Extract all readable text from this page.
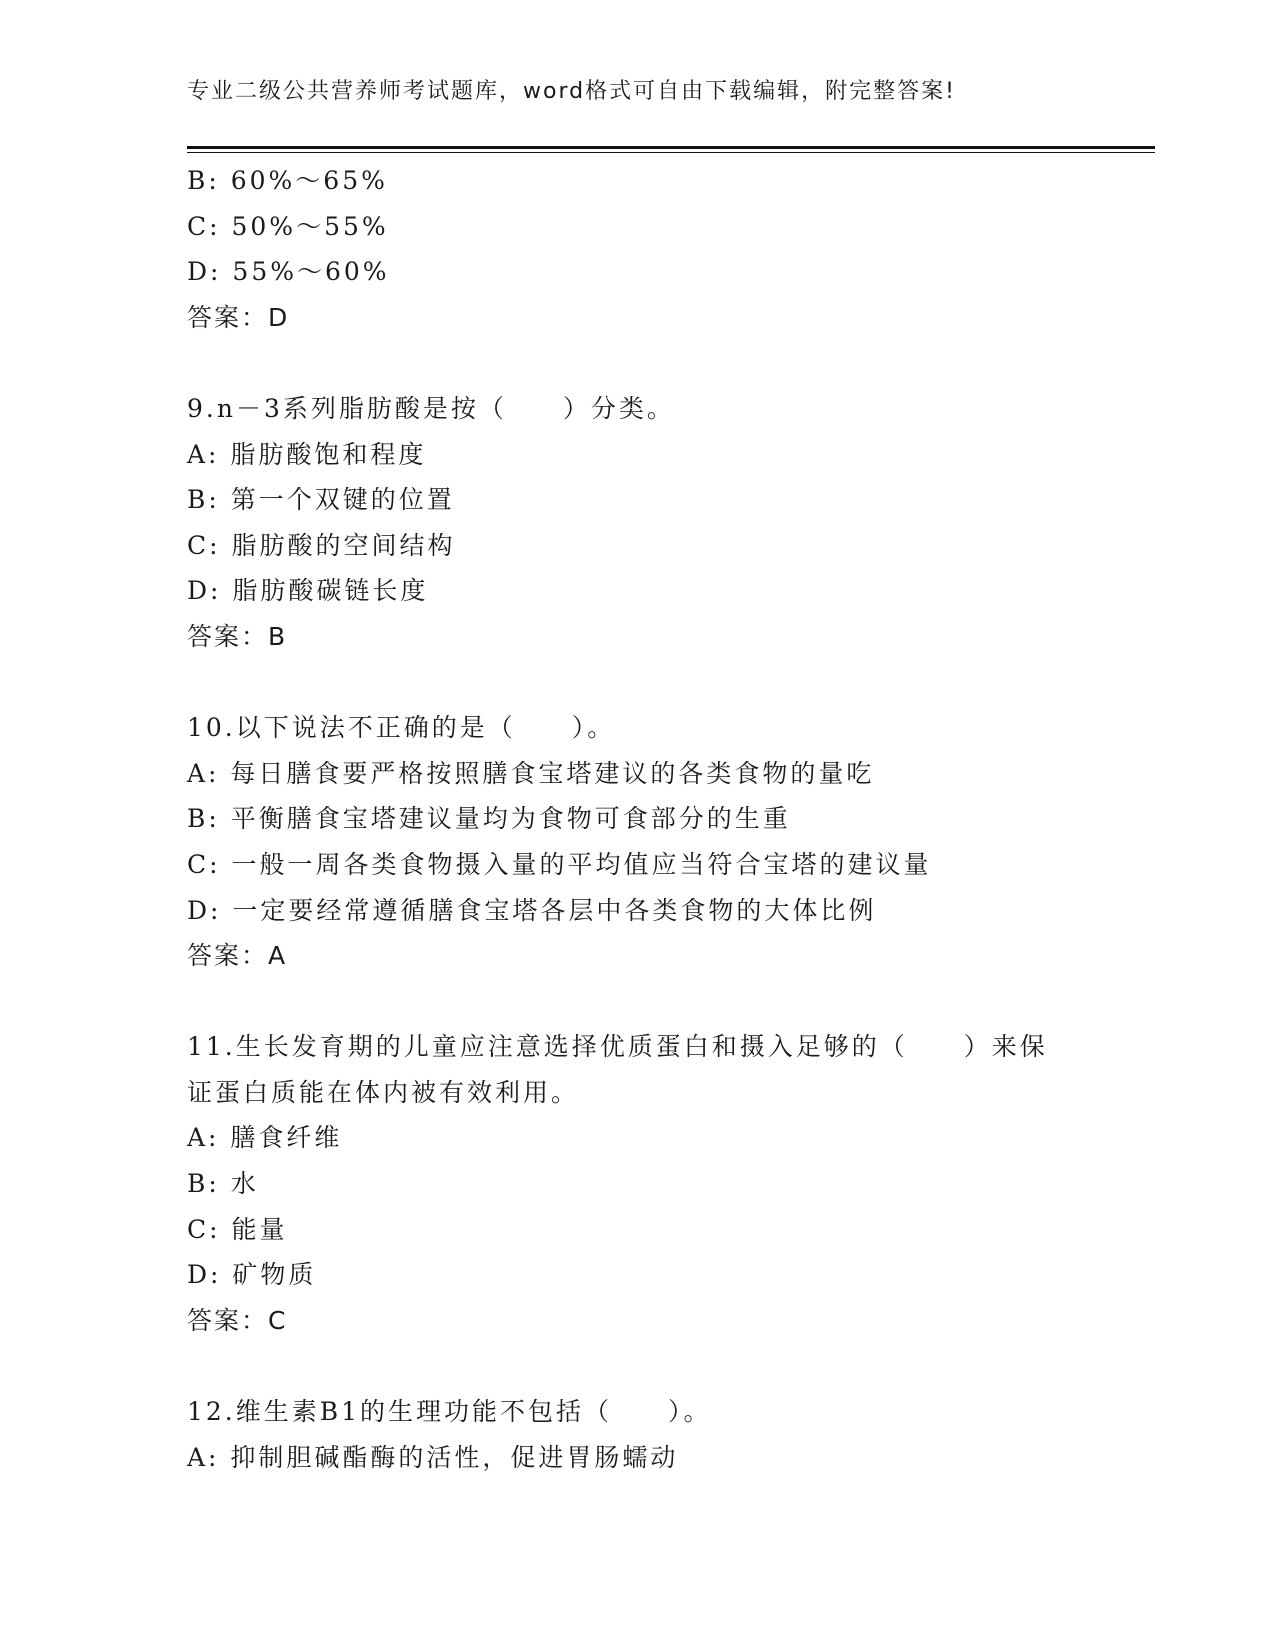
专业二级公共营养师考试题库，word格式可自由下载编辑，附完整答案!
B: 60%～65%
C: 50%～55%
D: 55%～60%
答案：D
9.n－3系列脂肪酸是按（　　）分类。
A: 脂肪酸饱和程度
B: 第一个双键的位置
C: 脂肪酸的空间结构
D: 脂肪酸碳链长度
答案：B
10.以下说法不正确的是（　　）。
A: 每日膳食要严格按照膳食宝塔建议的各类食物的量吃
B: 平衡膳食宝塔建议量均为食物可食部分的生重
C: 一般一周各类食物摄入量的平均值应当符合宝塔的建议量
D: 一定要经常遵循膳食宝塔各层中各类食物的大体比例
答案：A
11.生长发育期的儿童应注意选择优质蛋白和摄入足够的（　　）来保
证蛋白质能在体内被有效利用。
A: 膳食纤维
B: 水
C: 能量
D: 矿物质
答案：C
12.维生素B1的生理功能不包括（　　）。
A: 抑制胆碱酯酶的活性，促进胃肠蠕动
